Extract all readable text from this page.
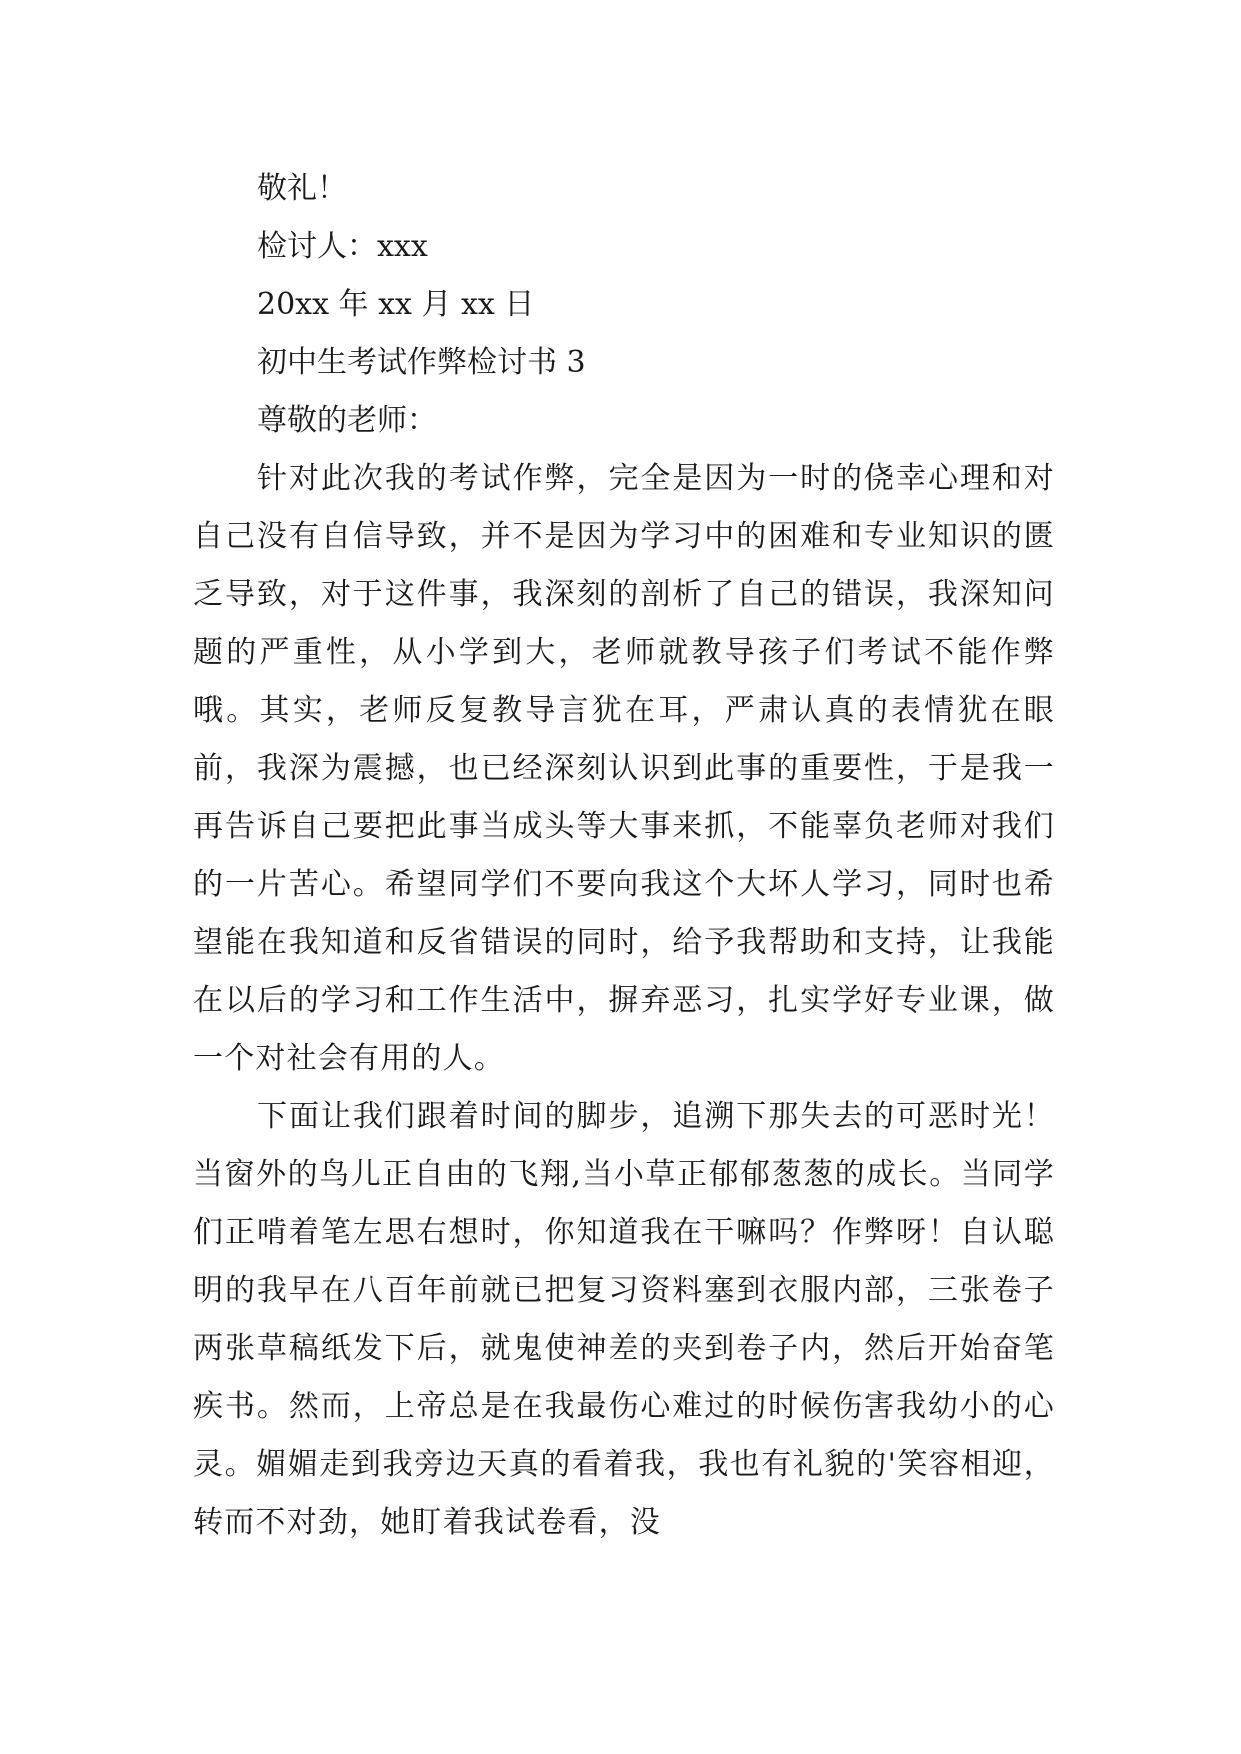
敬礼！
检讨人：xxx
20xx 年 xx 月 xx 日
初中生考试作弊检讨书 3
尊敬的老师：

针对此次我的考试作弊，完全是因为一时的侥幸心理和对自己没有自信导致，并不是因为学习中的困难和专业知识的匮乏导致，对于这件事，我深刻的剖析了自己的错误，我深知问题的严重性，从小学到大，老师就教导孩子们考试不能作弊哦。其实，老师反复教导言犹在耳，严肃认真的表情犹在眼前，我深为震撼，也已经深刻认识到此事的重要性，于是我一再告诉自己要把此事当成头等大事来抓，不能辜负老师对我们的一片苦心。希望同学们不要向我这个大坏人学习，同时也希望能在我知道和反省错误的同时，给予我帮助和支持，让我能在以后的学习和工作生活中，摒弃恶习，扎实学好专业课，做一个对社会有用的人。

下面让我们跟着时间的脚步，追溯下那失去的可恶时光！当窗外的鸟儿正自由的飞翔,当小草正郁郁葱葱的成长。当同学们正啃着笔左思右想时，你知道我在干嘛吗？作弊呀！自认聪明的我早在八百年前就已把复习资料塞到衣服内部，三张卷子两张草稿纸发下后，就鬼使神差的夹到卷子内，然后开始奋笔疾书。然而，上帝总是在我最伤心难过的时候伤害我幼小的心灵。媚媚走到我旁边天真的看着我，我也有礼貌的'笑容相迎，转而不对劲，她盯着我试卷看，没
